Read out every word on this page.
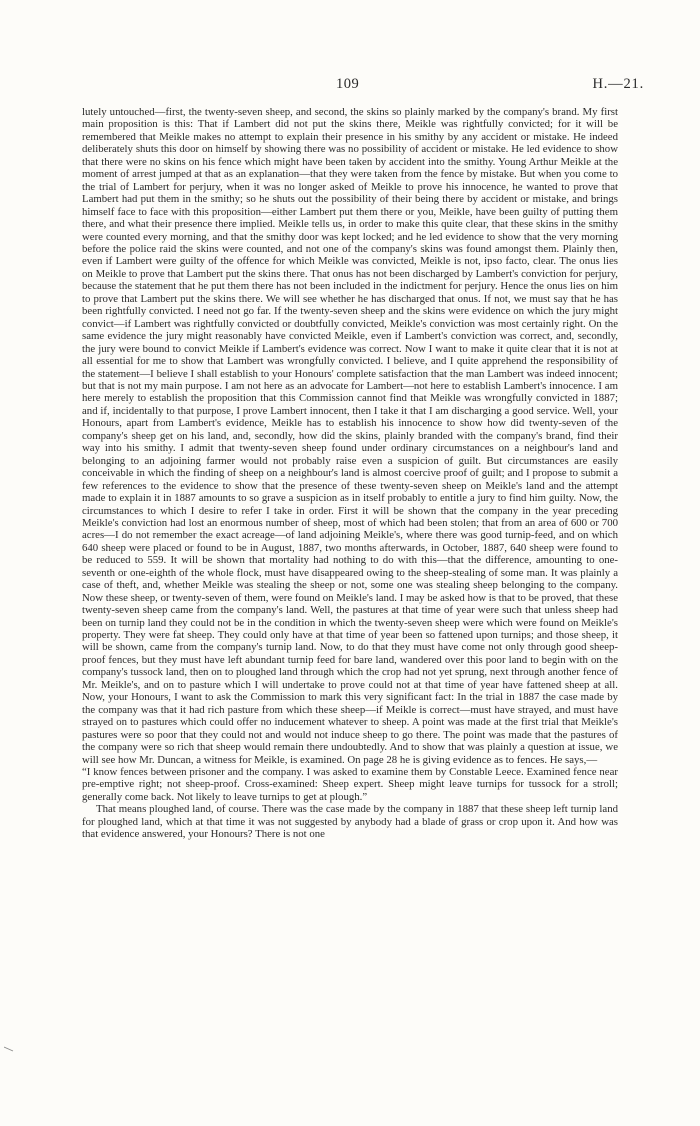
109	H.—21.

lutely untouched—first, the twenty-seven sheep, and second, the skins so plainly marked by the company's brand. My first main proposition is this: That if Lambert did not put the skins there, Meikle was rightfully convicted; for it will be remembered that Meikle makes no attempt to explain their presence in his smithy by any accident or mistake. He indeed deliberately shuts this door on himself by showing there was no possibility of accident or mistake. He led evidence to show that there were no skins on his fence which might have been taken by accident into the smithy. Young Arthur Meikle at the moment of arrest jumped at that as an explanation—that they were taken from the fence by mistake. But when you come to the trial of Lambert for perjury, when it was no longer asked of Meikle to prove his innocence, he wanted to prove that Lambert had put them in the smithy; so he shuts out the possibility of their being there by accident or mistake, and brings himself face to face with this proposition—either Lambert put them there or you, Meikle, have been guilty of putting them there, and what their presence there implied. Meikle tells us, in order to make this quite clear, that these skins in the smithy were counted every morning, and that the smithy door was kept locked; and he led evidence to show that the very morning before the police raid the skins were counted, and not one of the company's skins was found amongst them. Plainly then, even if Lambert were guilty of the offence for which Meikle was convicted, Meikle is not, ipso facto, clear. The onus lies on Meikle to prove that Lambert put the skins there. That onus has not been discharged by Lambert's conviction for perjury, because the statement that he put them there has not been included in the indictment for perjury. Hence the onus lies on him to prove that Lambert put the skins there. We will see whether he has discharged that onus. If not, we must say that he has been rightfully convicted. I need not go far. If the twenty-seven sheep and the skins were evidence on which the jury might convict—if Lambert was rightfully convicted or doubtfully convicted, Meikle's conviction was most certainly right. On the same evidence the jury might reasonably have convicted Meikle, even if Lambert's conviction was correct, and, secondly, the jury were bound to convict Meikle if Lambert's evidence was correct. Now I want to make it quite clear that it is not at all essential for me to show that Lambert was wrongfully convicted. I believe, and I quite apprehend the responsibility of the statement—I believe I shall establish to your Honours' complete satisfaction that the man Lambert was indeed innocent; but that is not my main purpose. I am not here as an advocate for Lambert—not here to establish Lambert's innocence. I am here merely to establish the proposition that this Commission cannot find that Meikle was wrongfully convicted in 1887; and if, incidentally to that purpose, I prove Lambert innocent, then I take it that I am discharging a good service. Well, your Honours, apart from Lambert's evidence, Meikle has to establish his innocence to show how did twenty-seven of the company's sheep get on his land, and, secondly, how did the skins, plainly branded with the company's brand, find their way into his smithy. I admit that twenty-seven sheep found under ordinary circumstances on a neighbour's land and belonging to an adjoining farmer would not probably raise even a suspicion of guilt. But circumstances are easily conceivable in which the finding of sheep on a neighbour's land is almost coercive proof of guilt; and I propose to submit a few references to the evidence to show that the presence of these twenty-seven sheep on Meikle's land and the attempt made to explain it in 1887 amounts to so grave a suspicion as in itself probably to entitle a jury to find him guilty. Now, the circumstances to which I desire to refer I take in order. First it will be shown that the company in the year preceding Meikle's conviction had lost an enormous number of sheep, most of which had been stolen; that from an area of 600 or 700 acres—I do not remember the exact acreage—of land adjoining Meikle's, where there was good turnip-feed, and on which 640 sheep were placed or found to be in August, 1887, two months afterwards, in October, 1887, 640 sheep were found to be reduced to 559. It will be shown that mortality had nothing to do with this—that the difference, amounting to one-seventh or one-eighth of the whole flock, must have disappeared owing to the sheep-stealing of some man. It was plainly a case of theft, and, whether Meikle was stealing the sheep or not, some one was stealing sheep belonging to the company. Now these sheep, or twenty-seven of them, were found on Meikle's land. I may be asked how is that to be proved, that these twenty-seven sheep came from the company's land. Well, the pastures at that time of year were such that unless sheep had been on turnip land they could not be in the condition in which the twenty-seven sheep were which were found on Meikle's property. They were fat sheep. They could only have at that time of year been so fattened upon turnips; and those sheep, it will be shown, came from the company's turnip land. Now, to do that they must have come not only through good sheep-proof fences, but they must have left abundant turnip feed for bare land, wandered over this poor land to begin with on the company's tussock land, then on to ploughed land through which the crop had not yet sprung, next through another fence of Mr. Meikle's, and on to pasture which I will undertake to prove could not at that time of year have fattened sheep at all. Now, your Honours, I want to ask the Commission to mark this very significant fact: In the trial in 1887 the case made by the company was that it had rich pasture from which these sheep—if Meikle is correct—must have strayed, and must have strayed on to pastures which could offer no inducement whatever to sheep. A point was made at the first trial that Meikle's pastures were so poor that they could not and would not induce sheep to go there. The point was made that the pastures of the company were so rich that sheep would remain there undoubtedly. And to show that was plainly a question at issue, we will see how Mr. Duncan, a witness for Meikle, is examined. On page 28 he is giving evidence as to fences. He says,—

“I know fences between prisoner and the company. I was asked to examine them by Constable Leece. Examined fence near pre-emptive right; not sheep-proof. Cross-examined: Sheep expert. Sheep might leave turnips for tussock for a stroll; generally come back. Not likely to leave turnips to get at plough.”

That means ploughed land, of course. There was the case made by the company in 1887 that these sheep left turnip land for ploughed land, which at that time it was not suggested by anybody had a blade of grass or crop upon it. And how was that evidence answered, your Honours? There is not one
